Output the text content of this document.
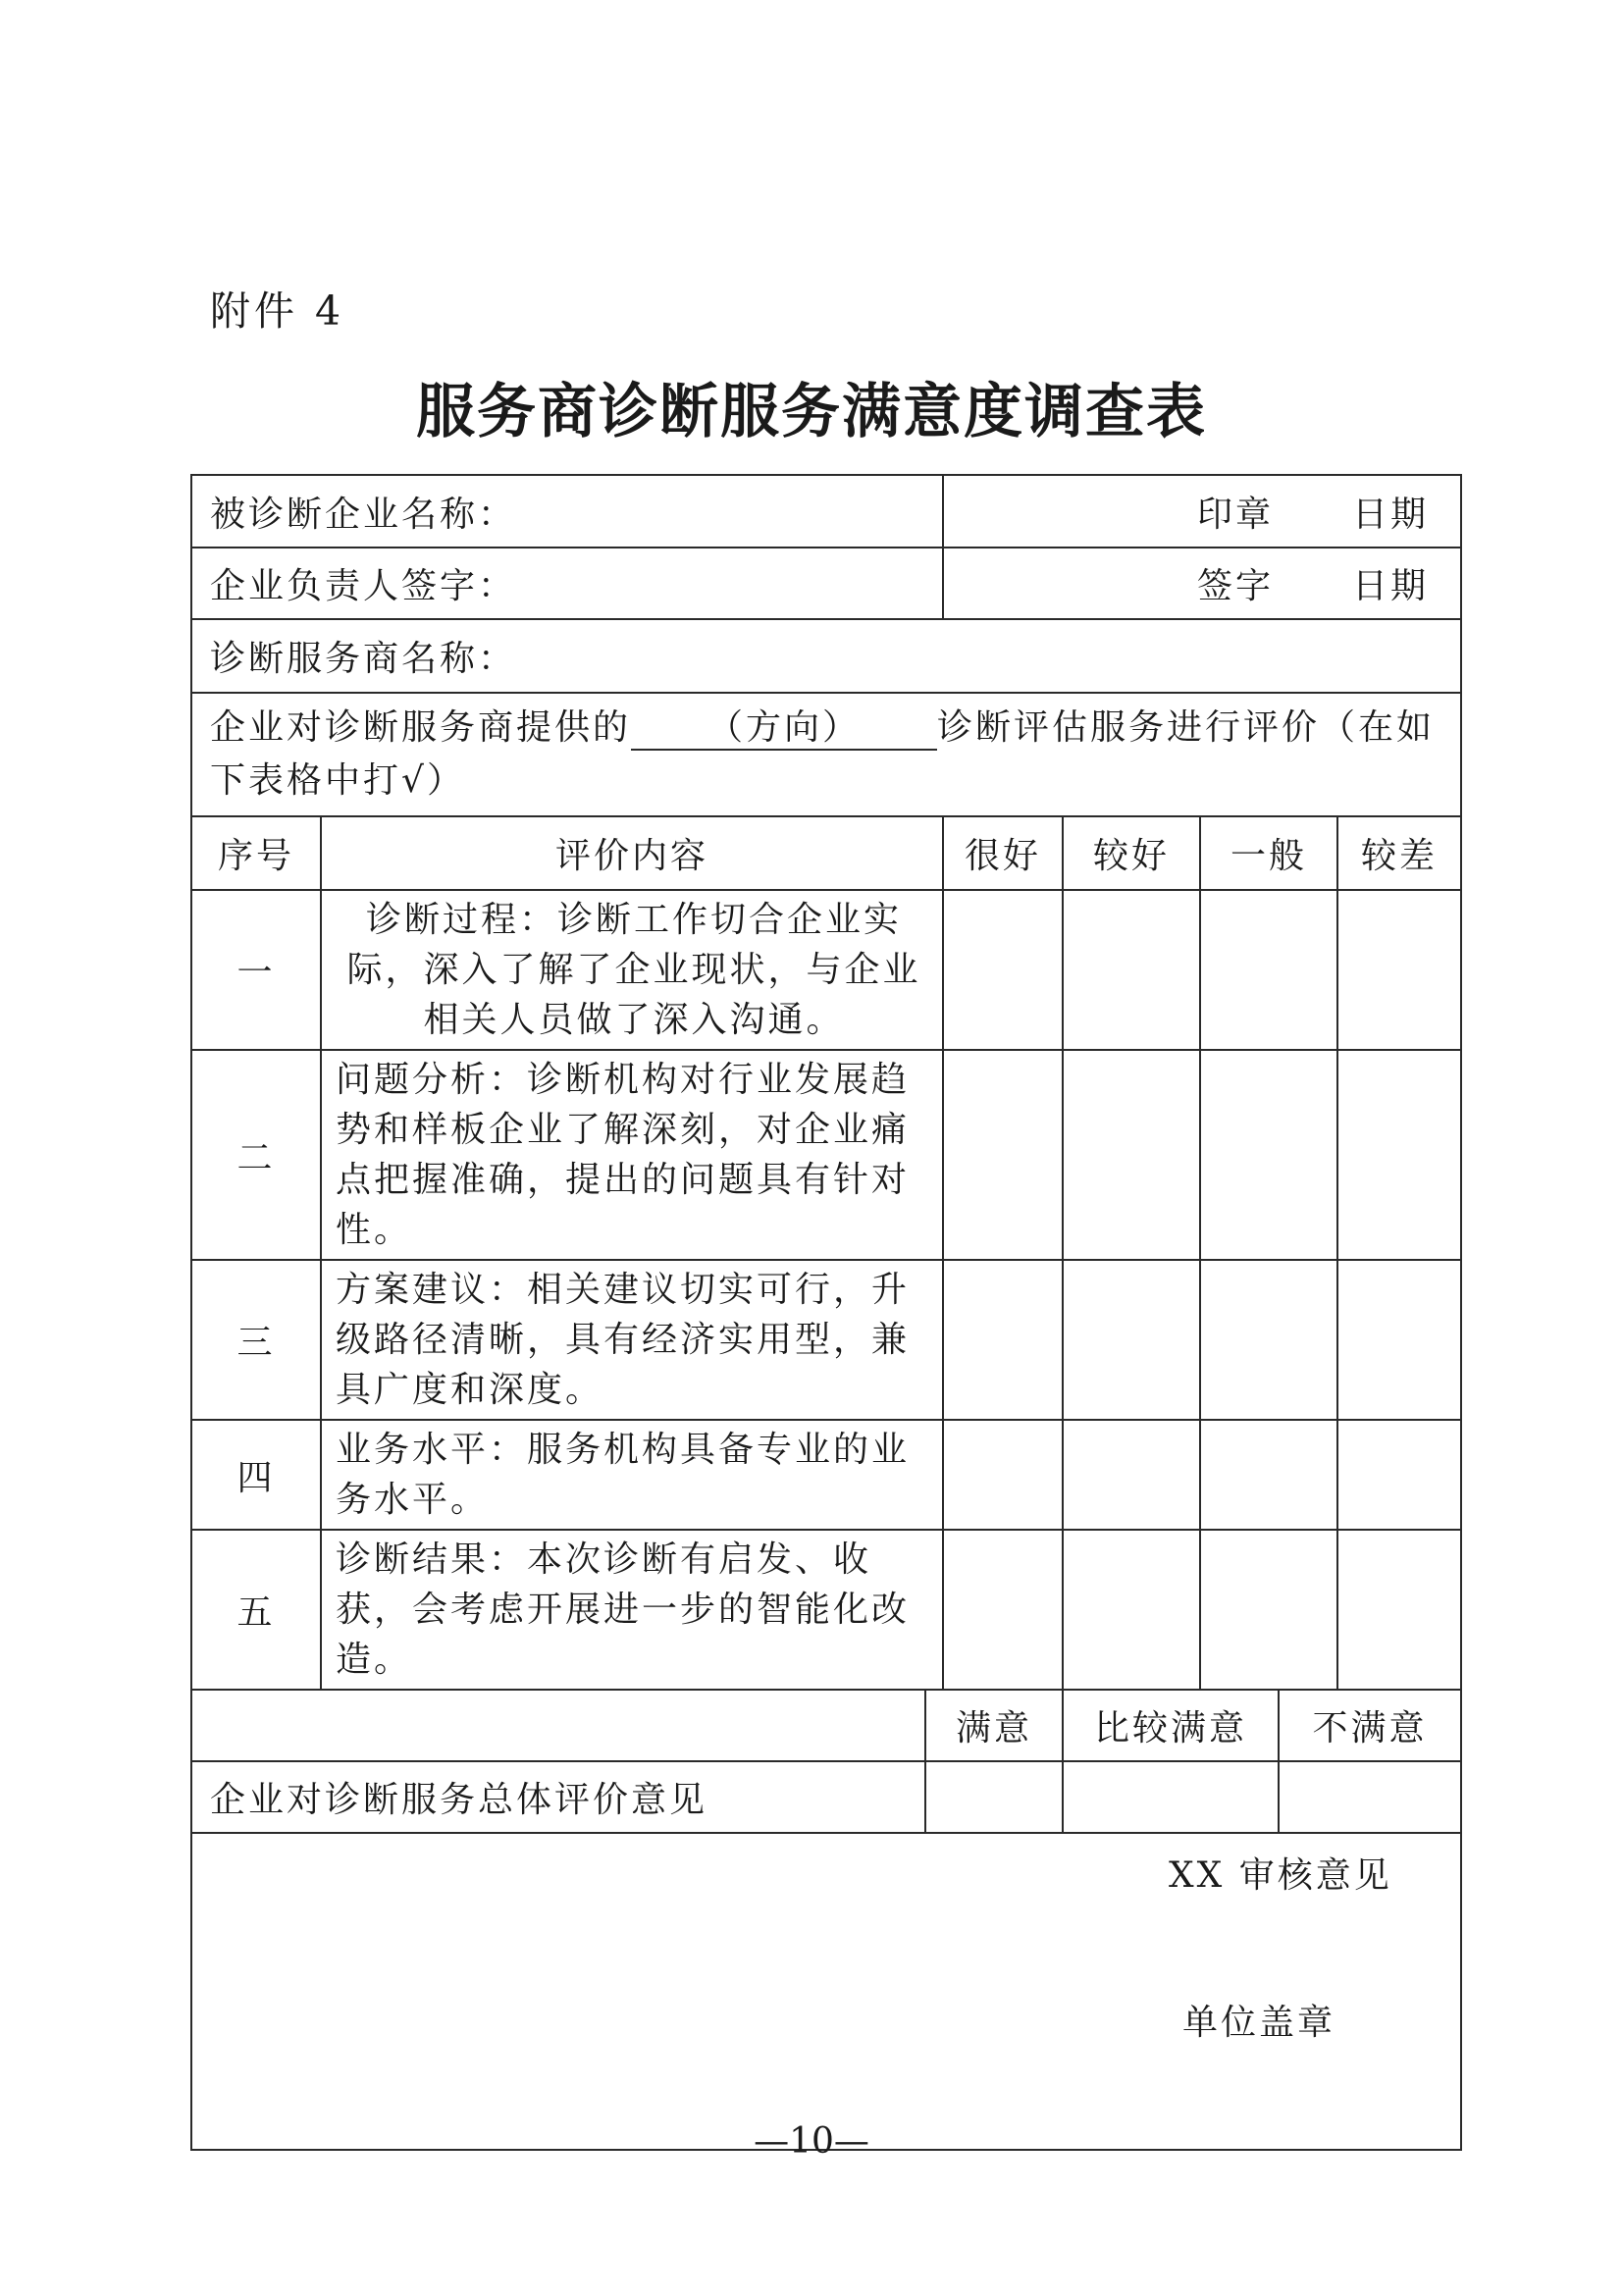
附件 4
服务商诊断服务满意度调查表
被诊断企业名称：			印章 日期				
企业负责人签字：			签字 日期				
诊断服务商名称：							
企业对诊断服务商提供的 （方向） 诊断评估服务进行评价（在如下表格中打√）							
序号	评价内容		很好	较好	一般		较差
一	诊断过程：诊断工作切合企业实际，深入了解了企业现状，与企业相关人员做了深入沟通。						
二	问题分析：诊断机构对行业发展趋势和样板企业了解深刻，对企业痛点把握准确，提出的问题具有针对性。						
三	方案建议：相关建议切实可行，升级路径清晰，具有经济实用型，兼具广度和深度。						
四	业务水平：服务机构具备专业的业务水平。						
五	诊断结果：本次诊断有启发、收获，会考虑开展进一步的智能化改造。						
		满意		比较满意		不满意	
企业对诊断服务总体评价意见							

XX 审核意见
单位盖章							

—10—
